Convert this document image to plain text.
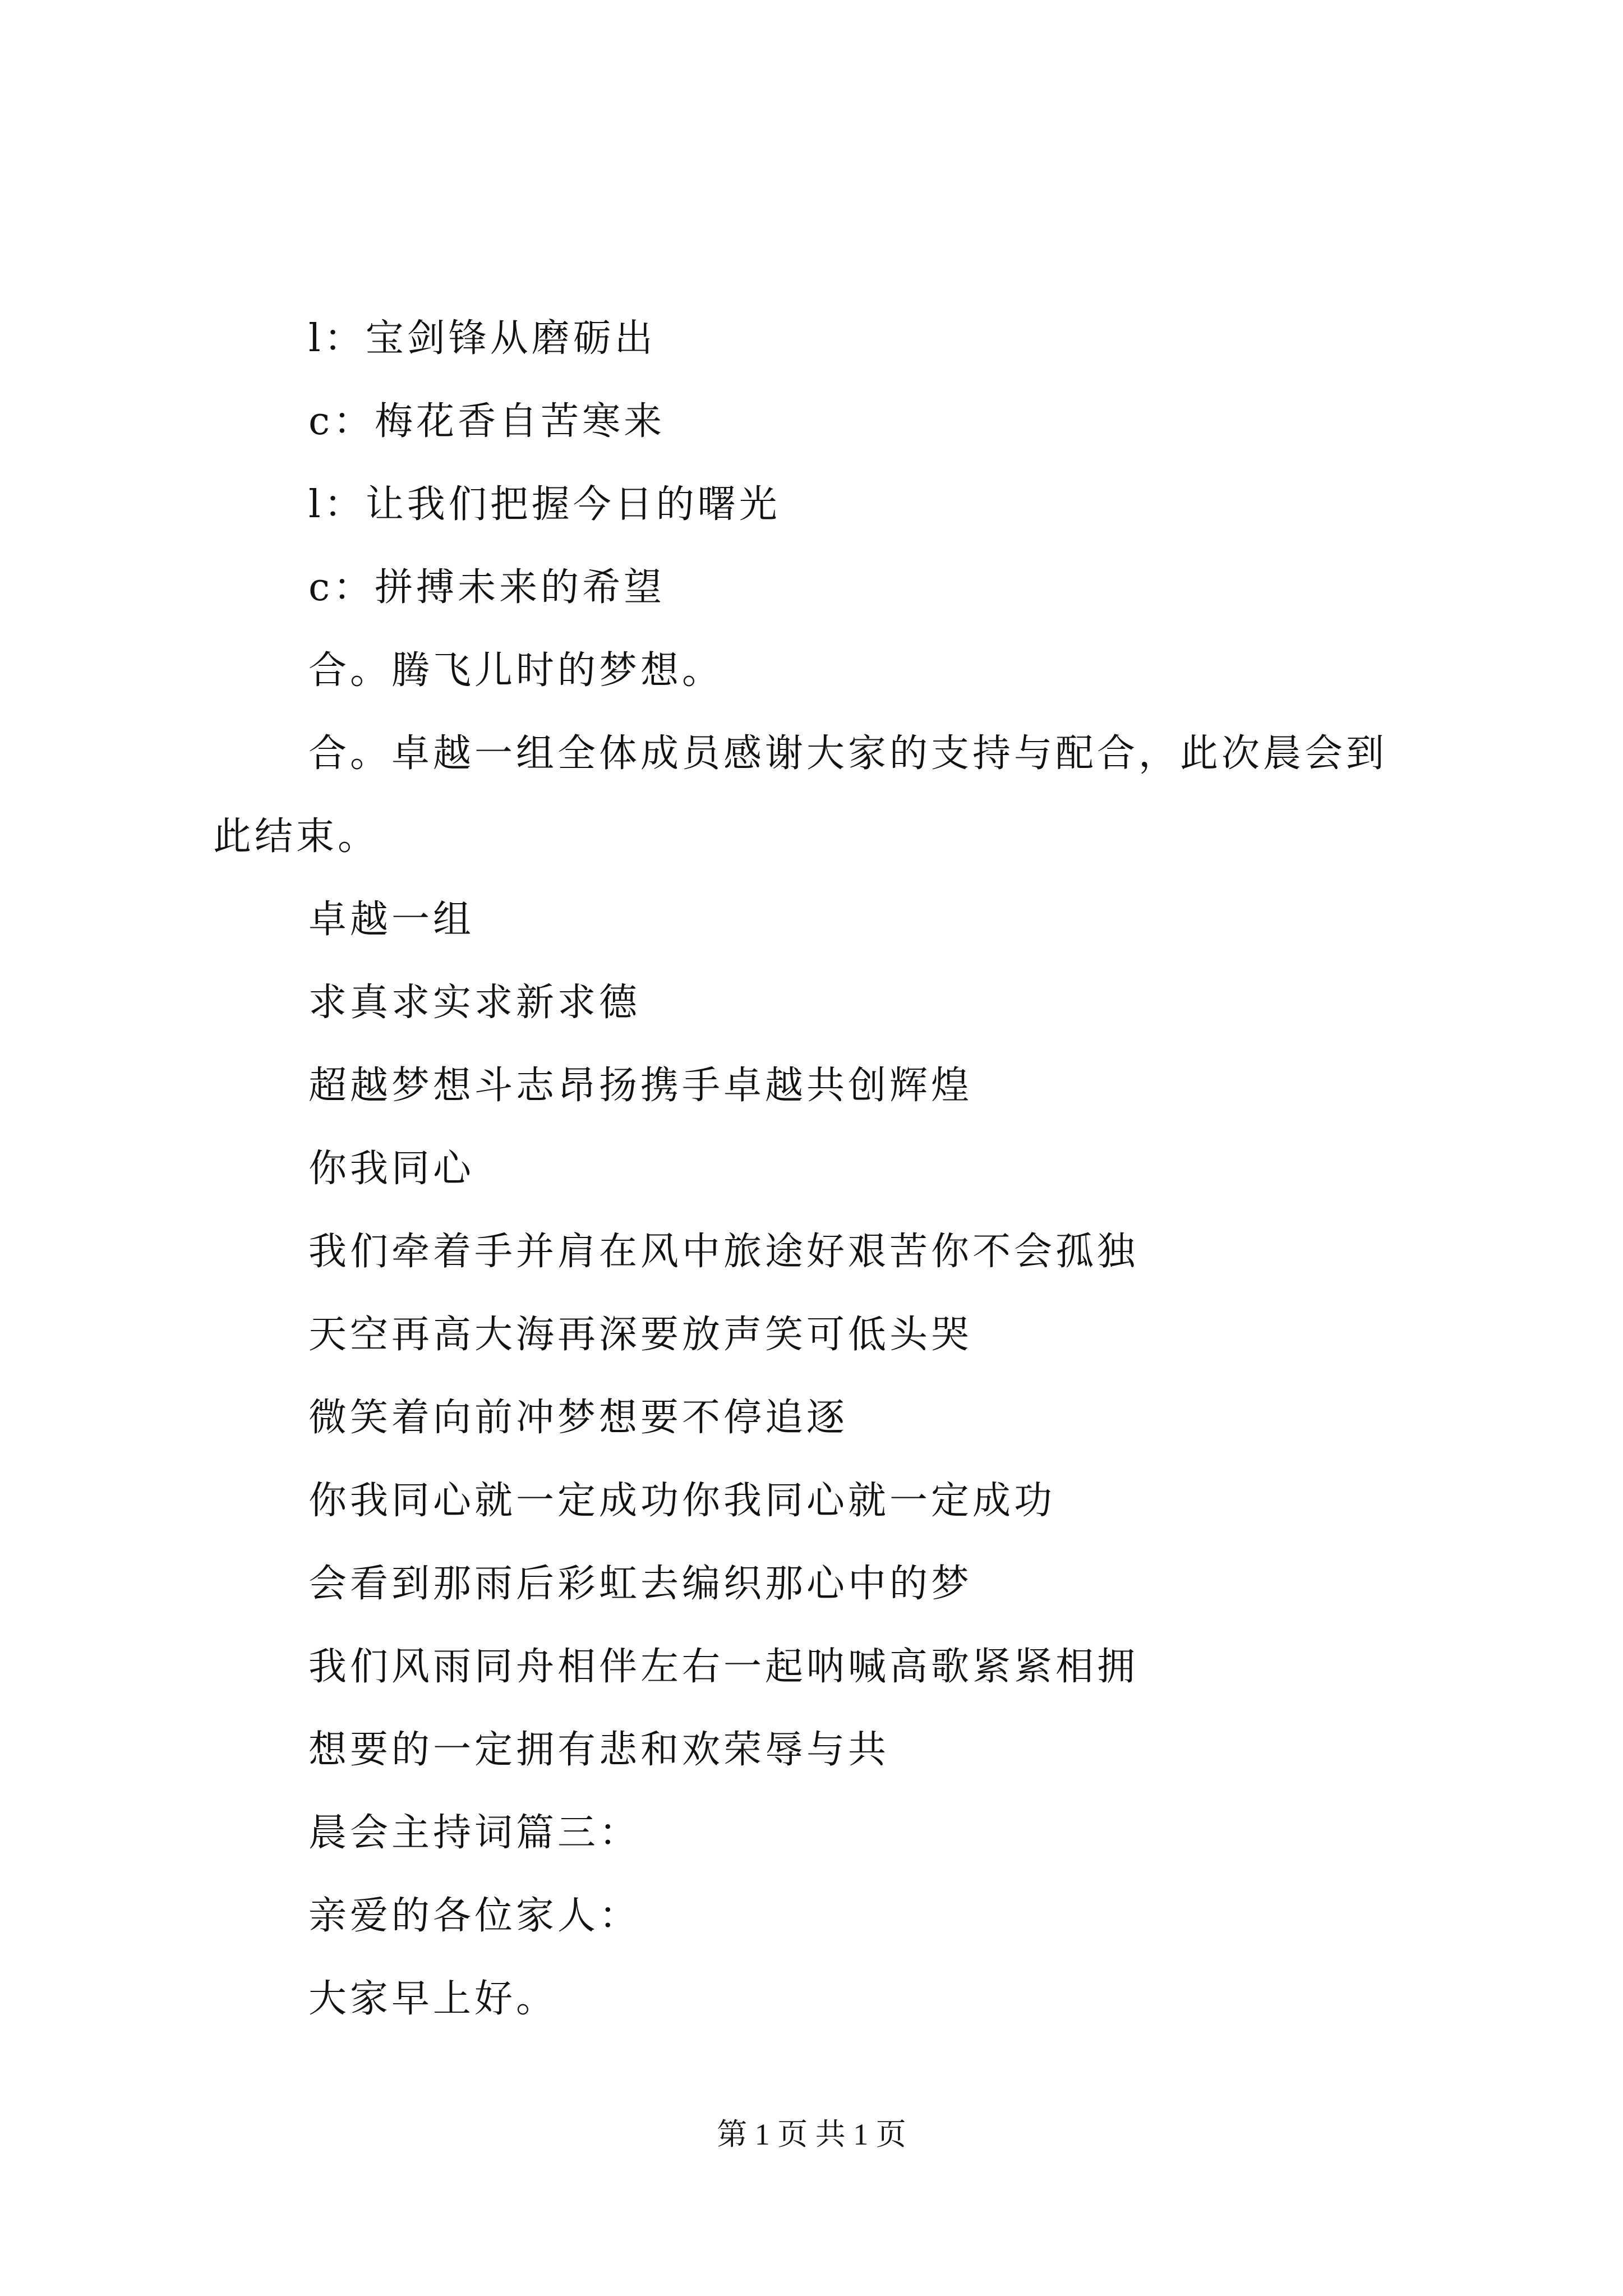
l：宝剑锋从磨砺出
c：梅花香自苦寒来
l：让我们把握今日的曙光
c：拼搏未来的希望
合。腾飞儿时的梦想。
合。卓越一组全体成员感谢大家的支持与配合，此次晨会到
此结束。
卓越一组
求真求实求新求德
超越梦想斗志昂扬携手卓越共创辉煌
你我同心
我们牵着手并肩在风中旅途好艰苦你不会孤独
天空再高大海再深要放声笑可低头哭
微笑着向前冲梦想要不停追逐
你我同心就一定成功你我同心就一定成功
会看到那雨后彩虹去编织那心中的梦
我们风雨同舟相伴左右一起呐喊高歌紧紧相拥
想要的一定拥有悲和欢荣辱与共
晨会主持词篇三：
亲爱的各位家人：
大家早上好。
第 1 页 共 1 页
